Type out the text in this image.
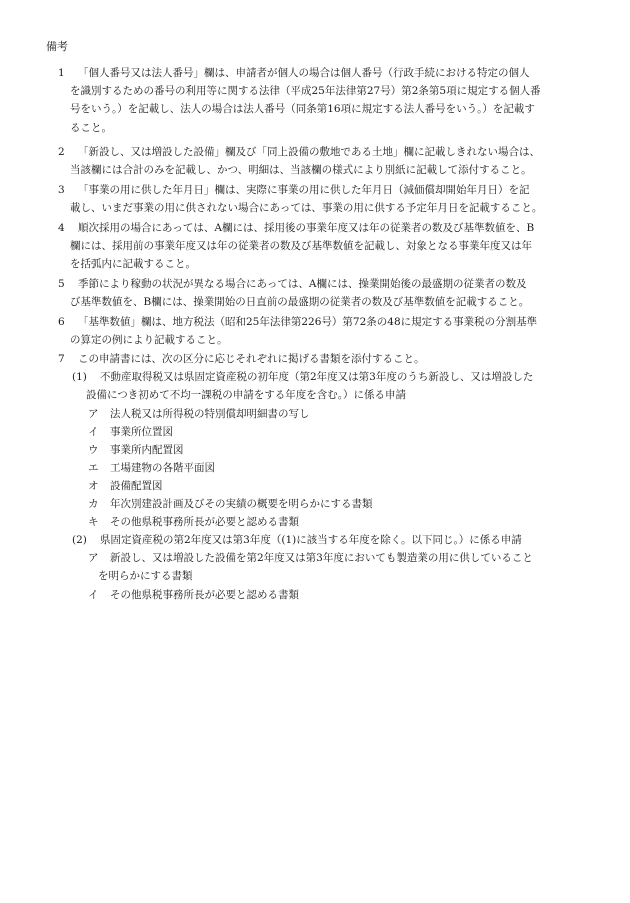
備考
1 「個人番号又は法人番号」欄は、申請者が個人の場合は個人番号（行政手続における特定の個人
を識別するための番号の利用等に関する法律（平成25年法律第27号）第2条第5項に規定する個人番
号をいう。）を記載し、法人の場合は法人番号（同条第16項に規定する法人番号をいう。）を記載す
ること。
2 「新設し、又は増設した設備」欄及び「同上設備の敷地である土地」欄に記載しきれない場合は、
当該欄には合計のみを記載し、かつ、明細は、当該欄の様式により別紙に記載して添付すること。
3 「事業の用に供した年月日」欄は、実際に事業の用に供した年月日（減価償却開始年月日）を記
載し、いまだ事業の用に供されない場合にあっては、事業の用に供する予定年月日を記載すること。
4 順次採用の場合にあっては、A欄には、採用後の事業年度又は年の従業者の数及び基準数値を、B
欄には、採用前の事業年度又は年の従業者の数及び基準数値を記載し、対象となる事業年度又は年
を括弧内に記載すること。
5 季節により稼動の状況が異なる場合にあっては、A欄には、操業開始後の最盛期の従業者の数及
び基準数値を、B欄には、操業開始の日直前の最盛期の従業者の数及び基準数値を記載すること。
6 「基準数値」欄は、地方税法（昭和25年法律第226号）第72条の48に規定する事業税の分割基準
の算定の例により記載すること。
7 この申請書には、次の区分に応じそれぞれに掲げる書類を添付すること。
(1) 不動産取得税又は県固定資産税の初年度（第2年度又は第3年度のうち新設し、又は増設した
設備につき初めて不均一課税の申請をする年度を含む。）に係る申請
ア 法人税又は所得税の特別償却明細書の写し
イ 事業所位置図
ウ 事業所内配置図
エ 工場建物の各階平面図
オ 設備配置図
カ 年次別建設計画及びその実績の概要を明らかにする書類
キ その他県税事務所長が必要と認める書類
(2) 県固定資産税の第2年度又は第3年度（(1)に該当する年度を除く。以下同じ。）に係る申請
ア 新設し、又は増設した設備を第2年度又は第3年度においても製造業の用に供していること
を明らかにする書類
イ その他県税事務所長が必要と認める書類
